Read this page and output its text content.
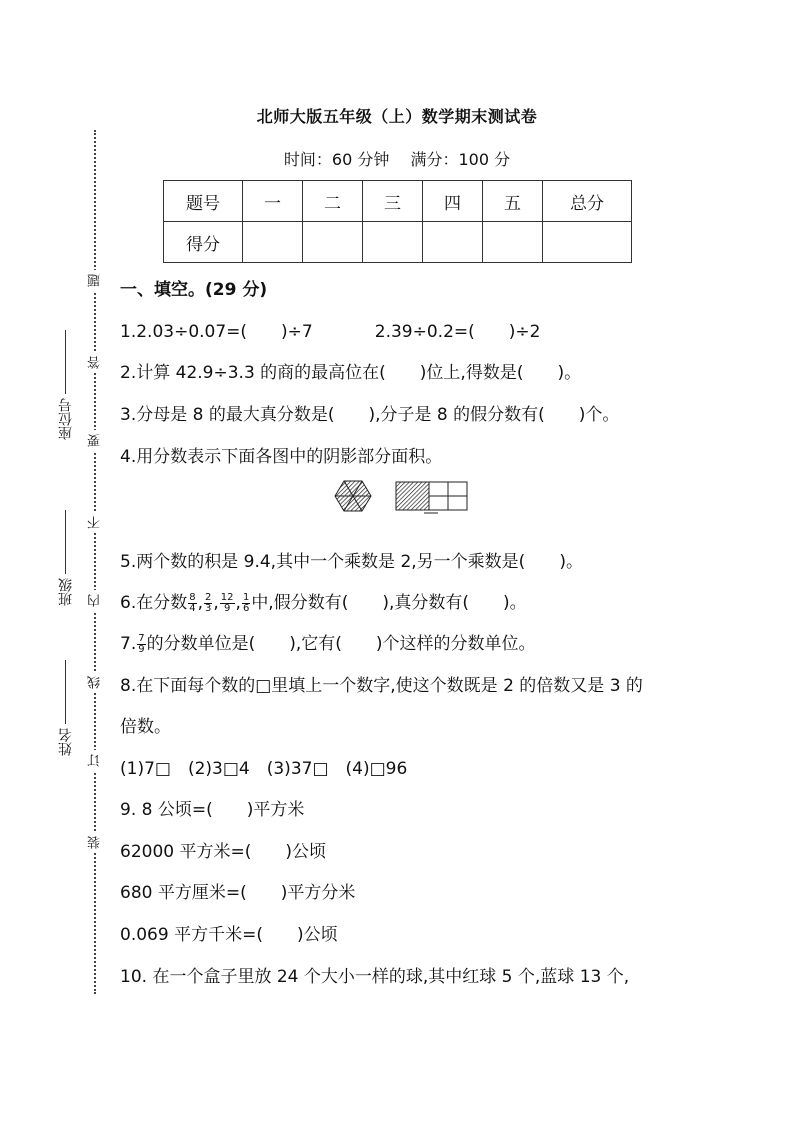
北师大版五年级（上）数学期末测试卷
时间：60 分钟 满分：100 分
题号	一	二	三	四	五	总分
得分						
题
答
要
不
内
线
订
装
座位号
班级
姓名
一、填空。(29 分)
1.2.03÷0.07=(　　)÷7	2.39÷0.2=(　　)÷2
2.计算 42.9÷3.3 的商的最高位在(　　)位上,得数是(　　)。
3.分母是 8 的最大真分数是(　　),分子是 8 的假分数有(　　)个。
4.用分数表示下面各图中的阴影部分面积。
5.两个数的积是 9.4,其中一个乘数是 2,另一个乘数是(　　)。
6.在分数 $\frac{8}{4}$ , $\frac{2}{3}$ , $\frac{12}{9}$ , $\frac{1}{6}$ 中,假分数有(　　),真分数有(　　)。
7. $\frac{7}{9}$ 的分数单位是(　　),它有(　　)个这样的分数单位。
8.在下面每个数的□里填上一个数字,使这个数既是 2 的倍数又是 3 的
倍数。
(1)7□　(2)3□4　(3)37□　(4)□96
9. 8 公顷=(　　)平方米
62000 平方米=(　　)公顷
680 平方厘米=(　　)平方分米
0.069 平方千米=(　　)公顷
10. 在一个盒子里放 24 个大小一样的球,其中红球 5 个,蓝球 13 个,
